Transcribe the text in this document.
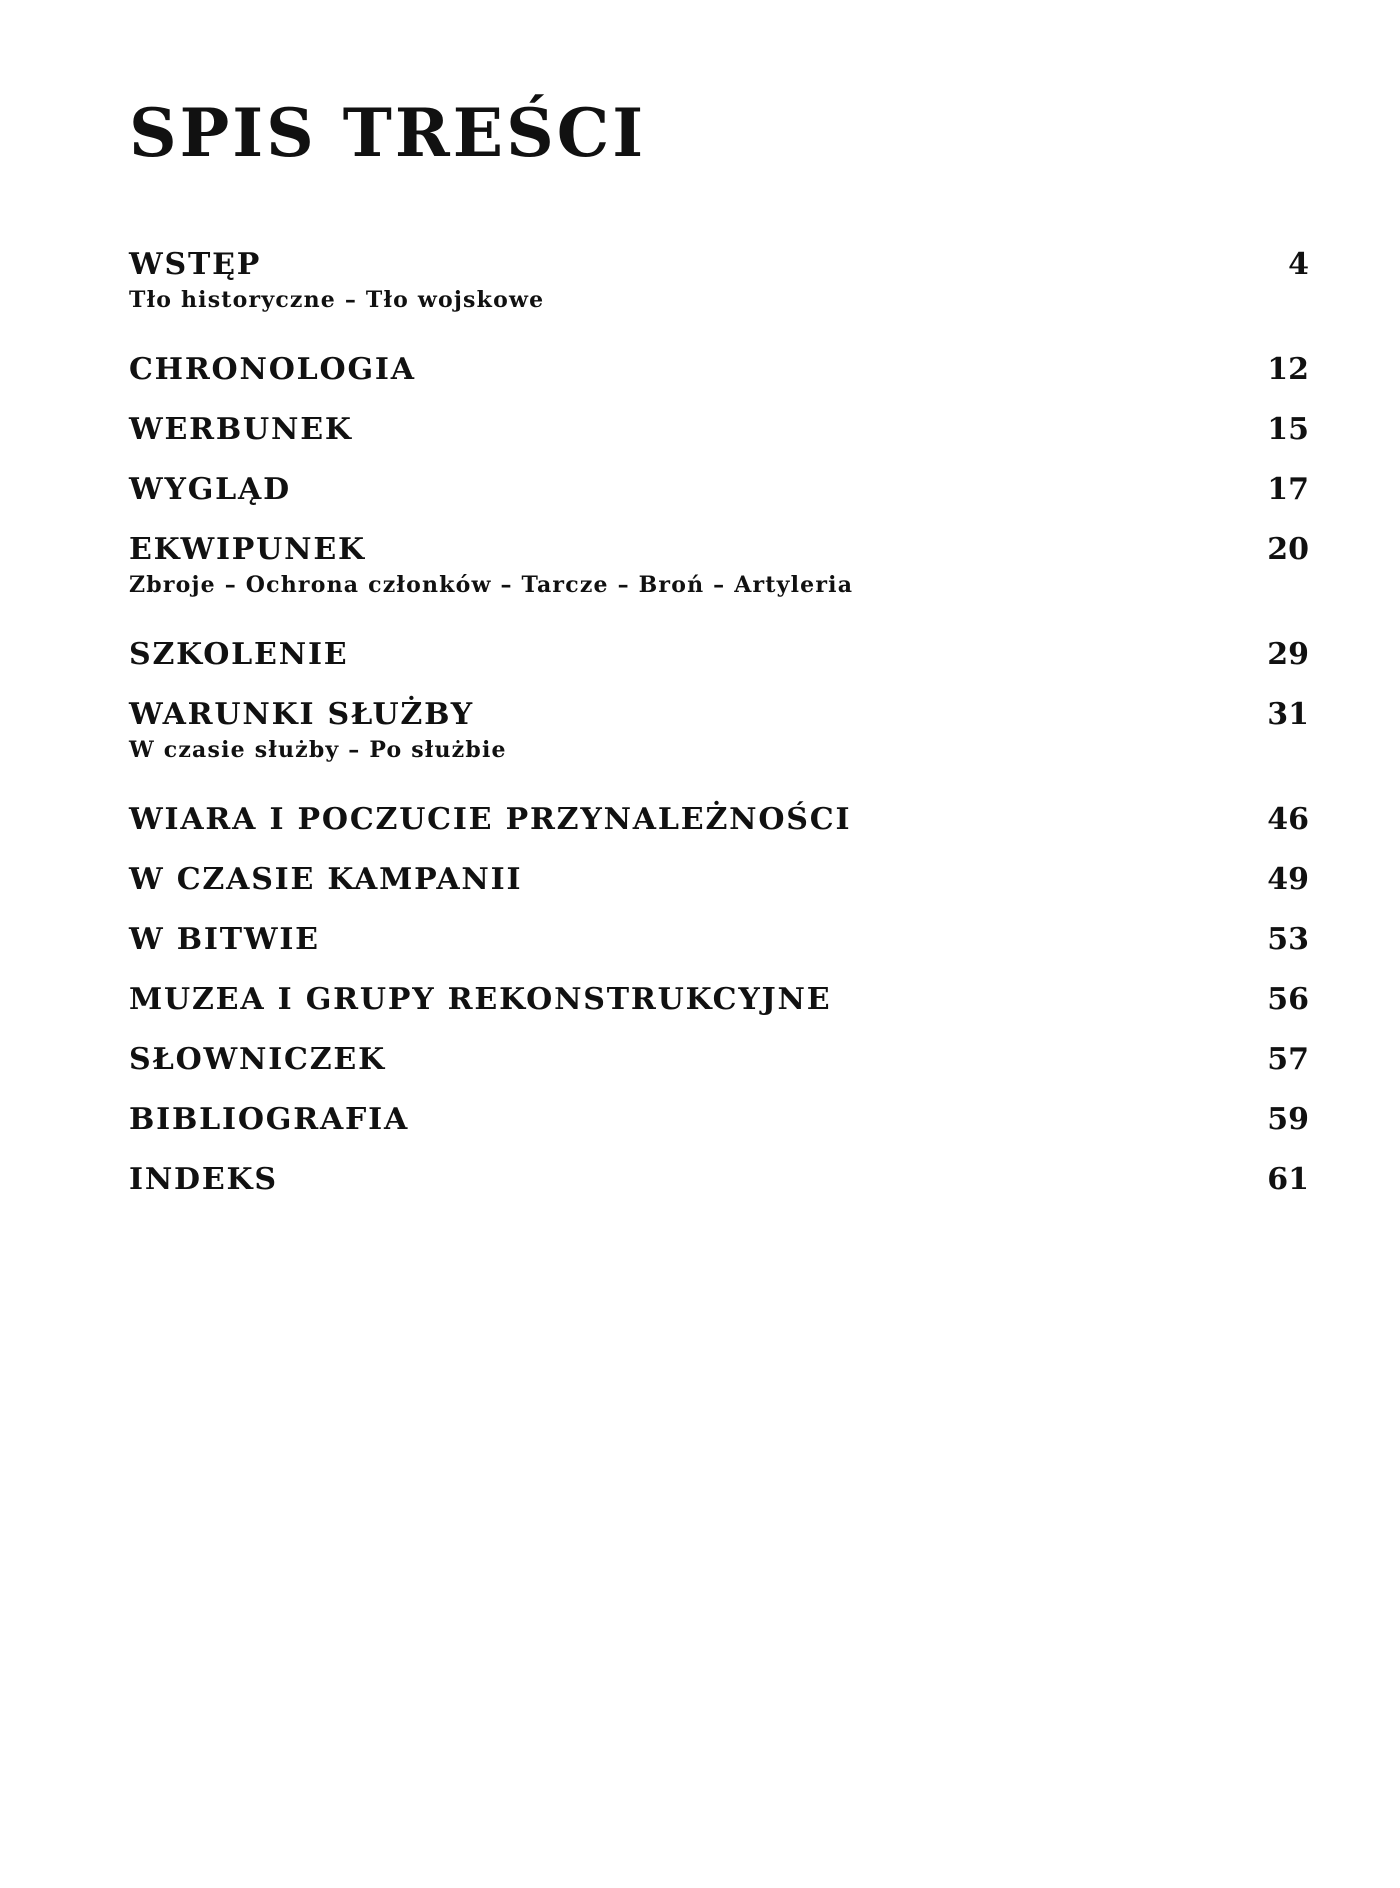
SPIS TREŚCI
WSTĘP	4
Tło historyczne – Tło wojskowe
CHRONOLOGIA	12
WERBUNEK	15
WYGLĄD	17
EKWIPUNEK	20
Zbroje – Ochrona członków – Tarcze – Broń – Artyleria
SZKOLENIE	29
WARUNKI SŁUŻBY	31
W czasie służby – Po służbie
WIARA I POCZUCIE PRZYNALEŻNOŚCI	46
W CZASIE KAMPANII	49
W BITWIE	53
MUZEA I GRUPY REKONSTRUKCYJNE	56
SŁOWNICZEK	57
BIBLIOGRAFIA	59
INDEKS	61
